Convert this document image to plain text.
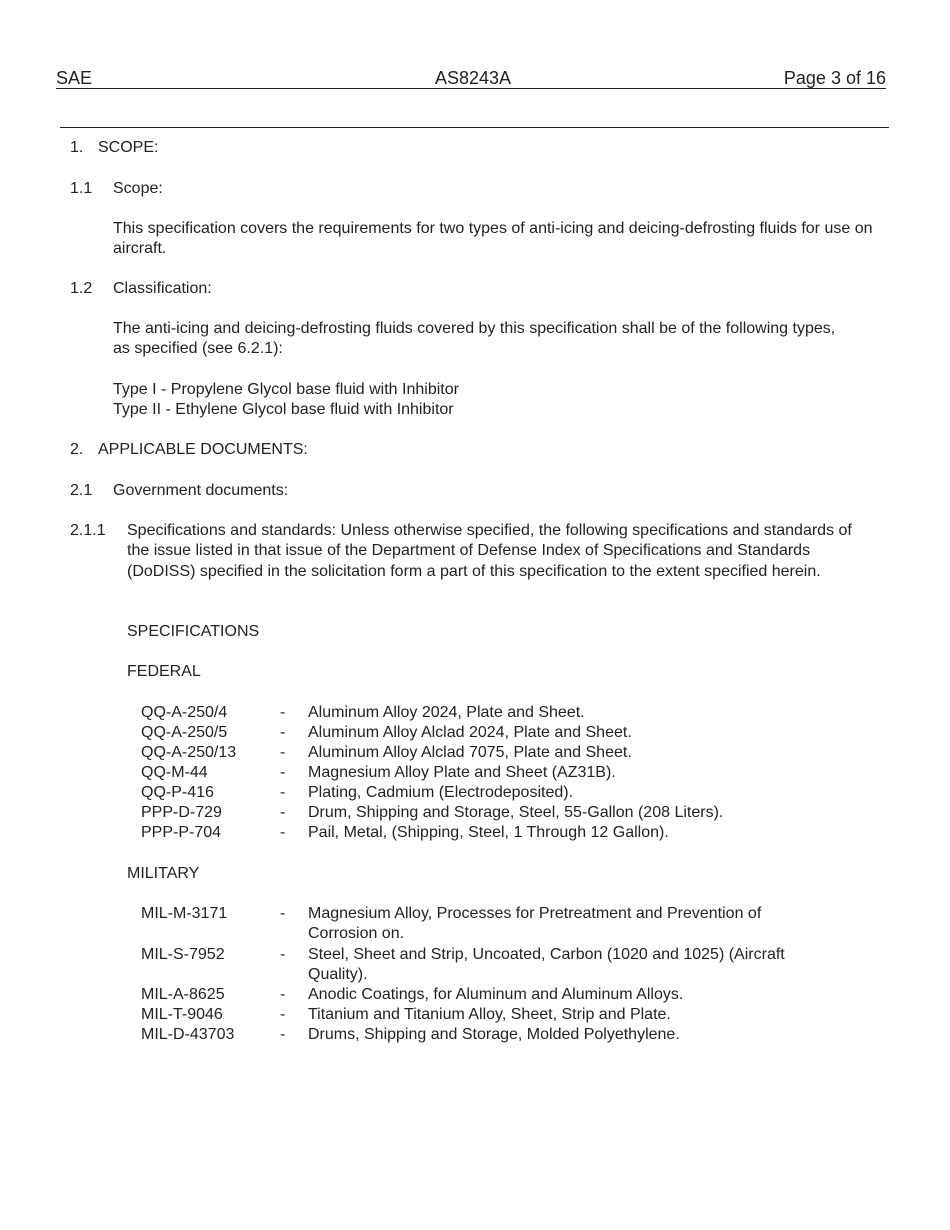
SAE	AS8243A	Page 3 of 16
1. SCOPE:
1.1 Scope:
This specification covers the requirements for two types of anti-icing and deicing-defrosting fluids for use on aircraft.
1.2 Classification:
The anti-icing and deicing-defrosting fluids covered by this specification shall be of the following types, as specified (see 6.2.1):
Type I - Propylene Glycol base fluid with Inhibitor
Type II - Ethylene Glycol base fluid with Inhibitor
2. APPLICABLE DOCUMENTS:
2.1 Government documents:
2.1.1 Specifications and standards: Unless otherwise specified, the following specifications and standards of the issue listed in that issue of the Department of Defense Index of Specifications and Standards (DoDISS) specified in the solicitation form a part of this specification to the extent specified herein.
SPECIFICATIONS
FEDERAL
QQ-A-250/4	- Aluminum Alloy 2024, Plate and Sheet.
QQ-A-250/5	- Aluminum Alloy Alclad 2024, Plate and Sheet.
QQ-A-250/13	- Aluminum Alloy Alclad 7075, Plate and Sheet.
QQ-M-44	- Magnesium Alloy Plate and Sheet (AZ31B).
QQ-P-416	- Plating, Cadmium (Electrodeposited).
PPP-D-729	- Drum, Shipping and Storage, Steel, 55-Gallon (208 Liters).
PPP-P-704	- Pail, Metal, (Shipping, Steel, 1 Through 12 Gallon).
MILITARY
MIL-M-3171	- Magnesium Alloy, Processes for Pretreatment and Prevention of
Corrosion on.
MIL-S-7952	- Steel, Sheet and Strip, Uncoated, Carbon (1020 and 1025) (Aircraft
Quality).
MIL-A-8625	- Anodic Coatings, for Aluminum and Aluminum Alloys.
MIL-T-9046	- Titanium and Titanium Alloy, Sheet, Strip and Plate.
MIL-D-43703	- Drums, Shipping and Storage, Molded Polyethylene.
